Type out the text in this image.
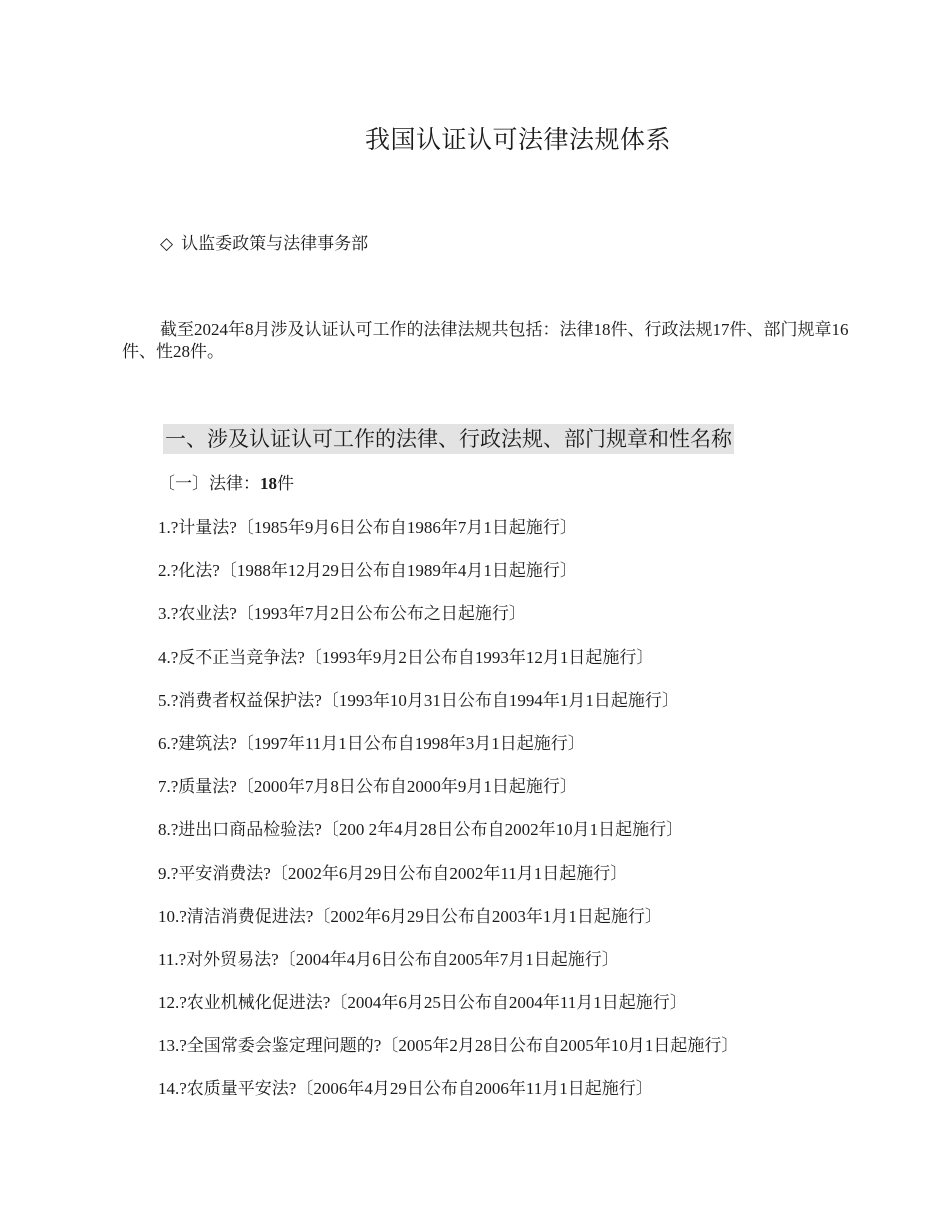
我国认证认可法律法规体系
◇ 认监委政策与法律事务部

截至2024年8月涉及认证认可工作的法律法规共包括：法律18件、行政法规17件、部门规章16件、性28件。

一、涉及认证认可工作的法律、行政法规、部门规章和性名称
〔一〕法律：18件
1.?计量法?〔1985年9月6日公布自1986年7月1日起施行〕
2.?化法?〔1988年12月29日公布自1989年4月1日起施行〕
3.?农业法?〔1993年7月2日公布公布之日起施行〕
4.?反不正当竞争法?〔1993年9月2日公布自1993年12月1日起施行〕
5.?消费者权益保护法?〔1993年10月31日公布自1994年1月1日起施行〕
6.?建筑法?〔1997年11月1日公布自1998年3月1日起施行〕
7.?质量法?〔2000年7月8日公布自2000年9月1日起施行〕
8.?进出口商品检验法?〔200 2年4月28日公布自2002年10月1日起施行〕
9.?平安消费法?〔2002年6月29日公布自2002年11月1日起施行〕
10.?清洁消费促进法?〔2002年6月29日公布自2003年1月1日起施行〕
11.?对外贸易法?〔2004年4月6日公布自2005年7月1日起施行〕
12.?农业机械化促进法?〔2004年6月25日公布自2004年11月1日起施行〕
13.?全国常委会鉴定理问题的?〔2005年2月28日公布自2005年10月1日起施行〕
14.?农质量平安法?〔2006年4月29日公布自2006年11月1日起施行〕
